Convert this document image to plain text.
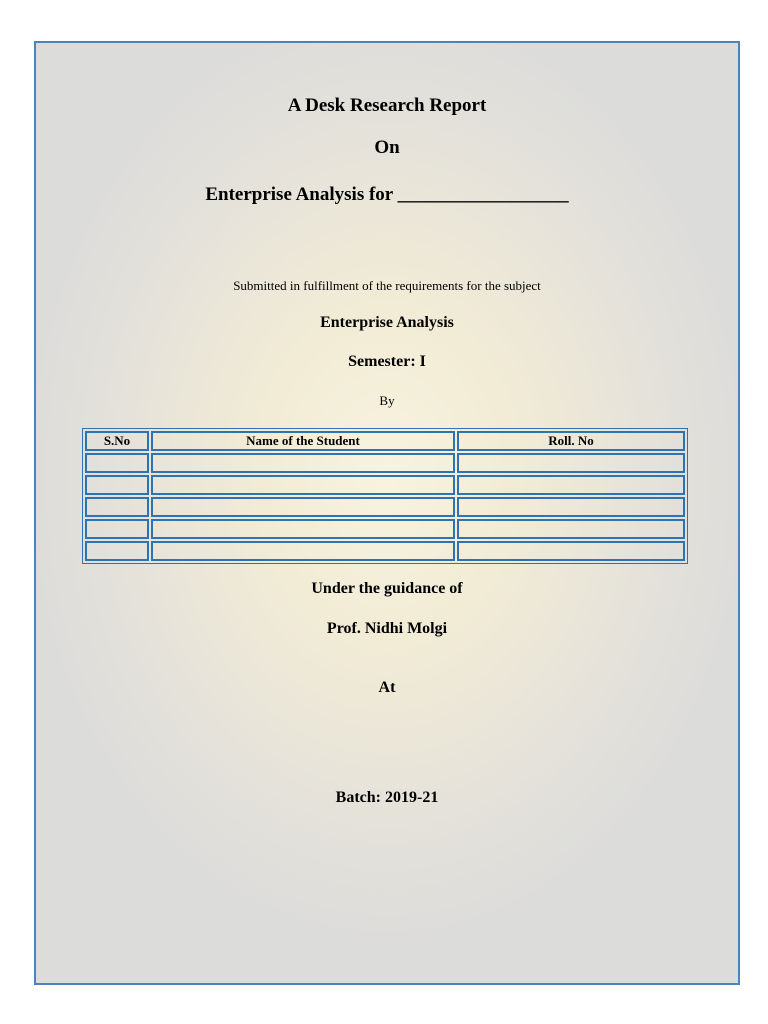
A Desk Research Report
On
Enterprise Analysis for __________________
Submitted in fulfillment of the requirements for the subject
Enterprise Analysis
Semester: I
By
S.No	Name of the Student	Roll. No

Under the guidance of
Prof. Nidhi Molgi
At
Batch: 2019-21
